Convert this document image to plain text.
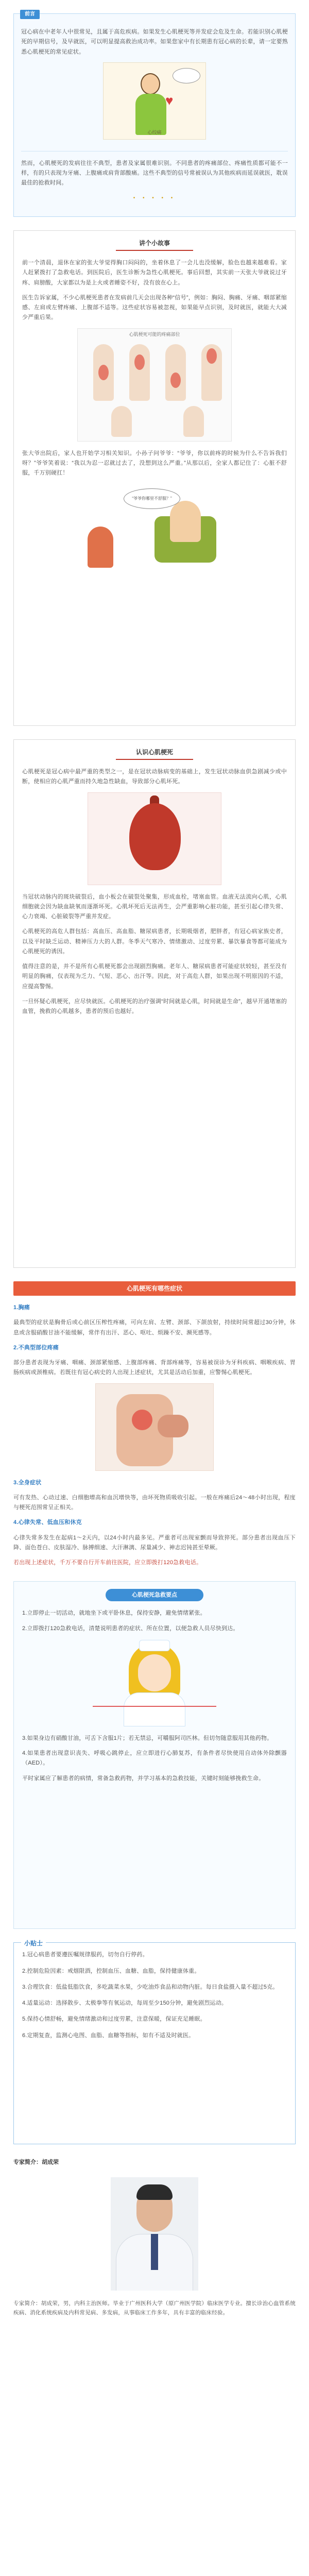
前言

冠心病在中老年人中很常见，且属于高危疾病。如果发生心肌梗死等并发症会危及生命。若能识别心肌梗死的早期信号，及早就医，可以明显提高救治成功率。如果您家中有长期患有冠心病的长辈，请一定要熟悉心肌梗死的常见症状。

♥
心绞痛

然而，心肌梗死的发病往往不典型，患者及家属很难识别。不同患者的疼痛部位、疼痛性质都可能不一样，有的只表现为牙痛、上腹痛或肩背部酸痛。这些不典型的信号常被误认为其他疾病而延误就医，耽误最佳的抢救时间。

• • • • •
讲个小故事

前一个清晨，退休在家的张大爷觉得胸口闷闷的，坐着休息了一会儿也没缓解，脸色也越来越难看。家人赶紧拨打了急救电话。到医院后，医生诊断为急性心肌梗死。事后回想，其实前一天张大爷就说过牙疼、肩膀酸，大家都以为是上火或者睡姿不好，没有放在心上。

医生告诉家属，不少心肌梗死患者在发病前几天会出现各种“信号”，例如：胸闷、胸痛、牙痛、咽部紧缩感、左肩或左臂疼痛、上腹部不适等。这些症状容易被忽视，如果能早点识别，及时就医，就能大大减少严重后果。

心肌梗死可能的疼痛部位

张大爷出院后，家人也开始学习相关知识。小孙子问爷爷：“爷爷，你以前疼的时候为什么不告诉我们呀？”爷爷笑着说：“我以为忍一忍就过去了，没想到这么严重。”从那以后，全家人都记住了：心脏不舒服，千万别硬扛！

“爷爷你哪里不舒服？”
认识心肌梗死

心肌梗死是冠心病中最严重的类型之一，是在冠状动脉病变的基础上，发生冠状动脉血供急剧减少或中断，使相应的心肌严重而持久地急性缺血，导致部分心肌坏死。

当冠状动脉内的斑块破裂后，血小板会在破裂处聚集，形成血栓，堵塞血管。血液无法流向心肌，心肌细胞就会因为缺血缺氧而逐渐坏死。心肌坏死后无法再生，会严重影响心脏功能，甚至引起心律失常、心力衰竭、心脏破裂等严重并发症。

心肌梗死的高危人群包括：高血压、高血脂、糖尿病患者，长期吸烟者，肥胖者，有冠心病家族史者，以及平时缺乏运动、精神压力大的人群。冬季天气寒冷、情绪激动、过度劳累、暴饮暴食等都可能成为心肌梗死的诱因。

值得注意的是，并不是所有心肌梗死都会出现剧烈胸痛。老年人、糖尿病患者可能症状较轻，甚至没有明显的胸痛，仅表现为乏力、气短、恶心、出汗等。因此，对于高危人群，如果出现不明原因的不适，应提高警惕。

一旦怀疑心肌梗死，应尽快就医。心肌梗死的治疗强调“时间就是心肌，时间就是生命”，越早开通堵塞的血管，挽救的心肌越多，患者的预后也越好。

心肌梗死有哪些症状

1.胸痛

最典型的症状是胸骨后或心前区压榨性疼痛，可向左肩、左臂、颈部、下颌放射，持续时间常超过30分钟，休息或含服硝酸甘油不能缓解，常伴有出汗、恶心、呕吐、烦躁不安、濒死感等。

2.不典型部位疼痛

部分患者表现为牙痛、咽痛、颈部紧缩感、上腹部疼痛、背部疼痛等，容易被误诊为牙科疾病、咽喉疾病、胃肠疾病或颈椎病。若既往有冠心病史的人出现上述症状，尤其是活动后加重，应警惕心肌梗死。

3.全身症状

可有发热、心动过速、白细胞增高和血沉增快等，由坏死物质吸收引起。一般在疼痛后24～48小时出现，程度与梗死范围常呈正相关。

4.心律失常、低血压和休克

心律失常多发生在起病1～2天内，以24小时内最多见。严重者可出现室颤而导致猝死。部分患者出现血压下降、面色苍白、皮肤湿冷、脉搏细速、大汗淋漓、尿量减少、神志迟钝甚至晕厥。

若出现上述症状，千万不要自行开车前往医院，应立即拨打120急救电话。

心肌梗死急救要点

1.立即停止一切活动，就地坐下或平卧休息，保持安静，避免情绪紧张。

2.立即拨打120急救电话，清楚说明患者的症状、所在位置，以便急救人员尽快到达。

3.如果身边有硝酸甘油，可舌下含服1片；若无禁忌，可嚼服阿司匹林。但切勿随意服用其他药物。

4.如果患者出现意识丧失、呼吸心跳停止，应立即进行心肺复苏，有条件者尽快使用自动体外除颤器（AED）。

平时家属应了解患者的病情，常备急救药物，并学习基本的急救技能，关键时刻能够挽救生命。

小贴士

1.冠心病患者要遵医嘱规律服药，切勿自行停药。

2.控制危险因素：戒烟限酒，控制血压、血糖、血脂，保持健康体重。

3.合理饮食：低盐低脂饮食，多吃蔬菜水果，少吃油炸食品和动物内脏。每日食盐摄入量不超过5克。

4.适量运动：选择散步、太极拳等有氧运动，每周至少150分钟，避免剧烈运动。

5.保持心情舒畅，避免情绪激动和过度劳累，注意保暖，保证充足睡眠。

6.定期复查，监测心电图、血脂、血糖等指标，如有不适及时就医。

专家简介：胡成荣

专家简介：胡成荣，男，内科主治医师。毕业于广州医科大学（原广州医学院）临床医学专业。擅长诊治心血管系统疾病、消化系统疾病及内科常见病、多发病，从事临床工作多年，具有丰富的临床经验。
